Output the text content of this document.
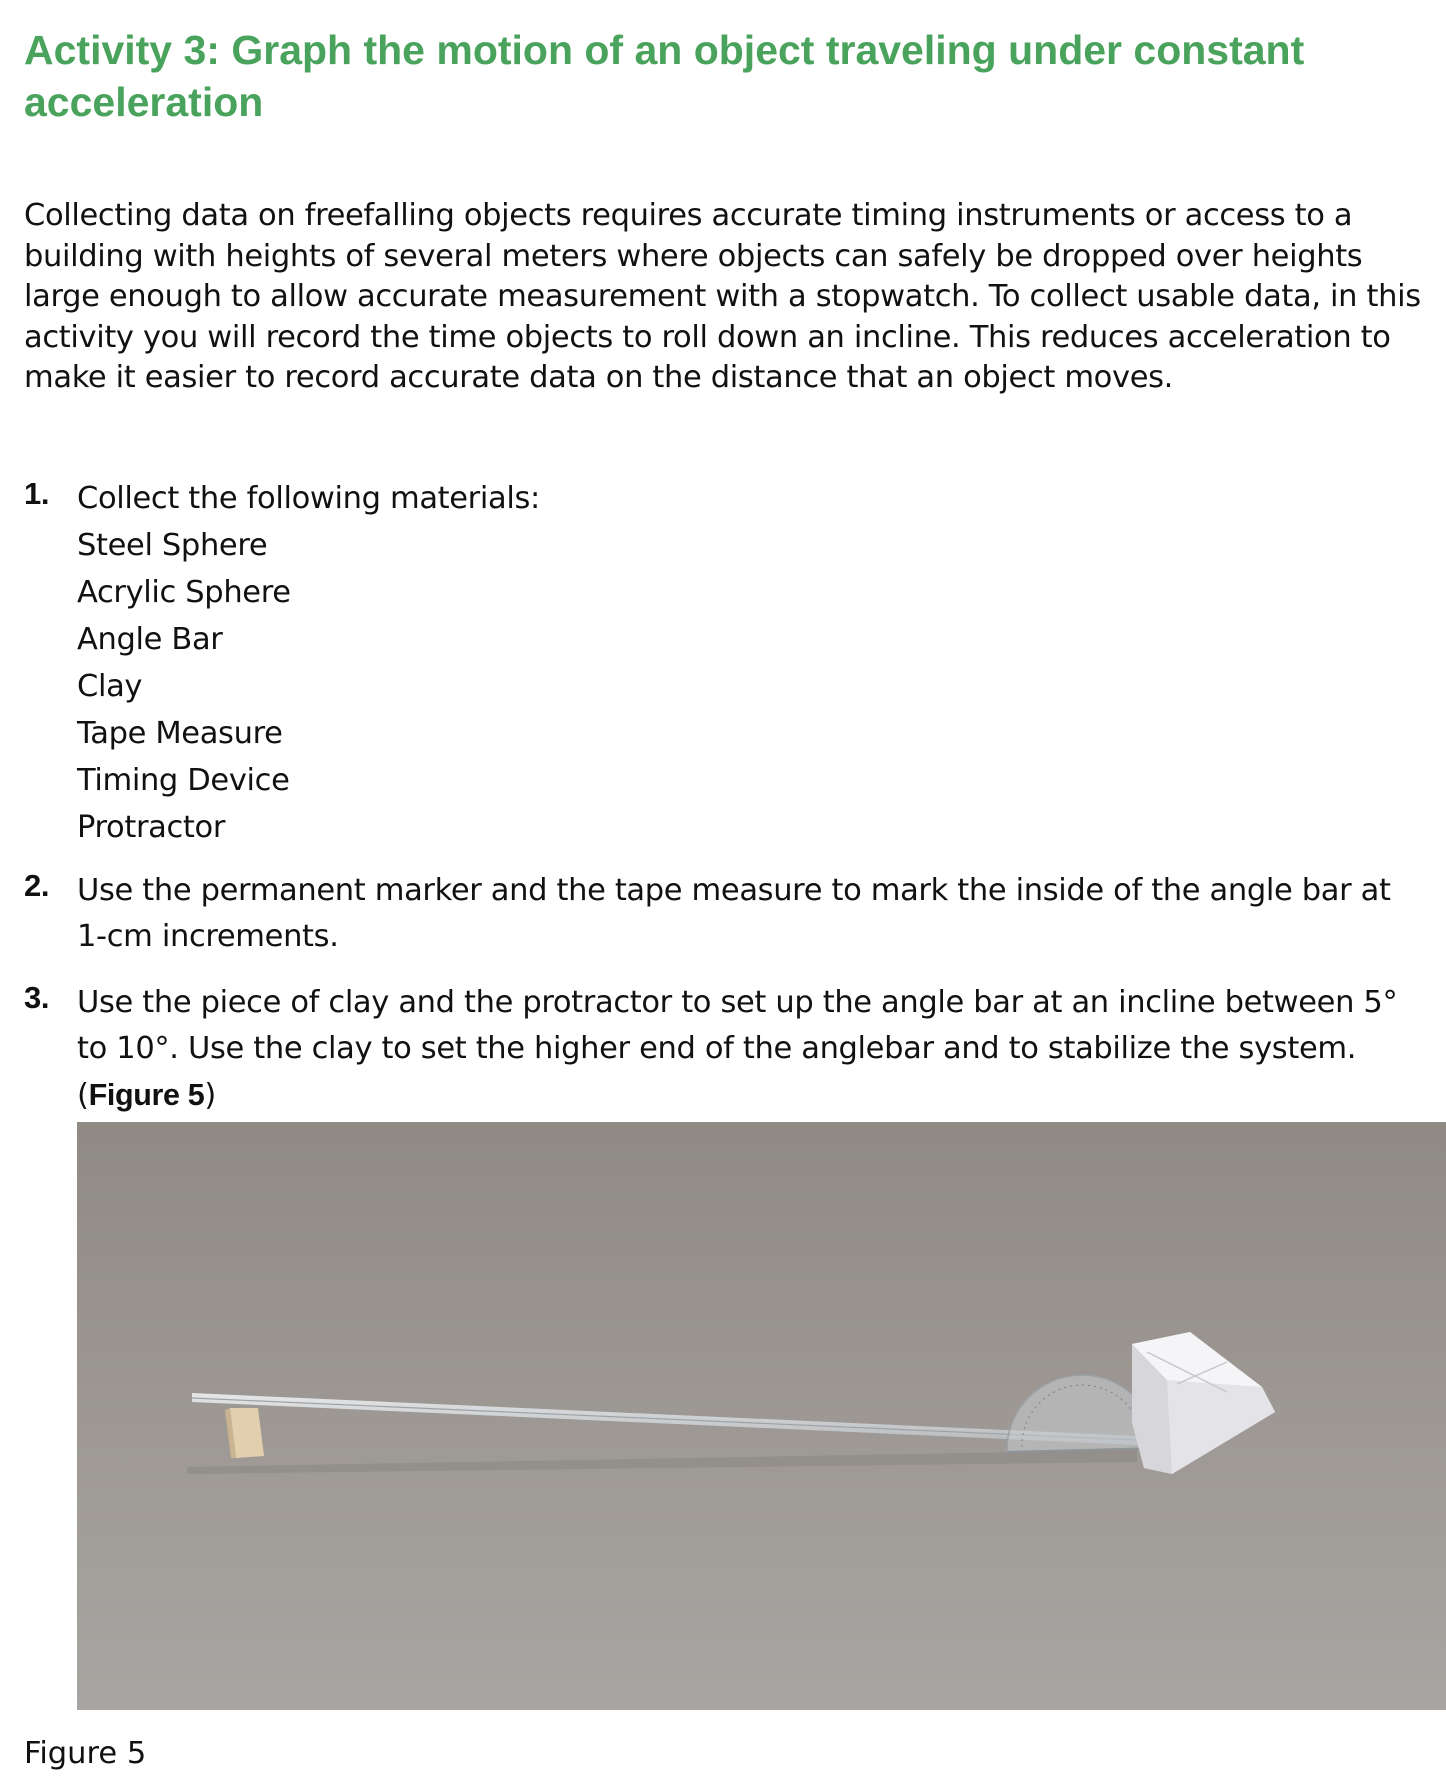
Activity 3: Graph the motion of an object traveling under constant acceleration

Collecting data on freefalling objects requires accurate timing instruments or access to a building with heights of several meters where objects can safely be dropped over heights large enough to allow accurate measurement with a stopwatch. To collect usable data, in this activity you will record the time objects to roll down an incline. This reduces acceleration to make it easier to record accurate data on the distance that an object moves.

1. Collect the following materials:
Steel Sphere
Acrylic Sphere
Angle Bar
Clay
Tape Measure
Timing Device
Protractor
2. Use the permanent marker and the tape measure to mark the inside of the angle bar at 1-cm increments.
3. Use the piece of clay and the protractor to set up the angle bar at an incline between 5° to 10°. Use the clay to set the higher end of the anglebar and to stabilize the system. (Figure 5)

Figure 5
